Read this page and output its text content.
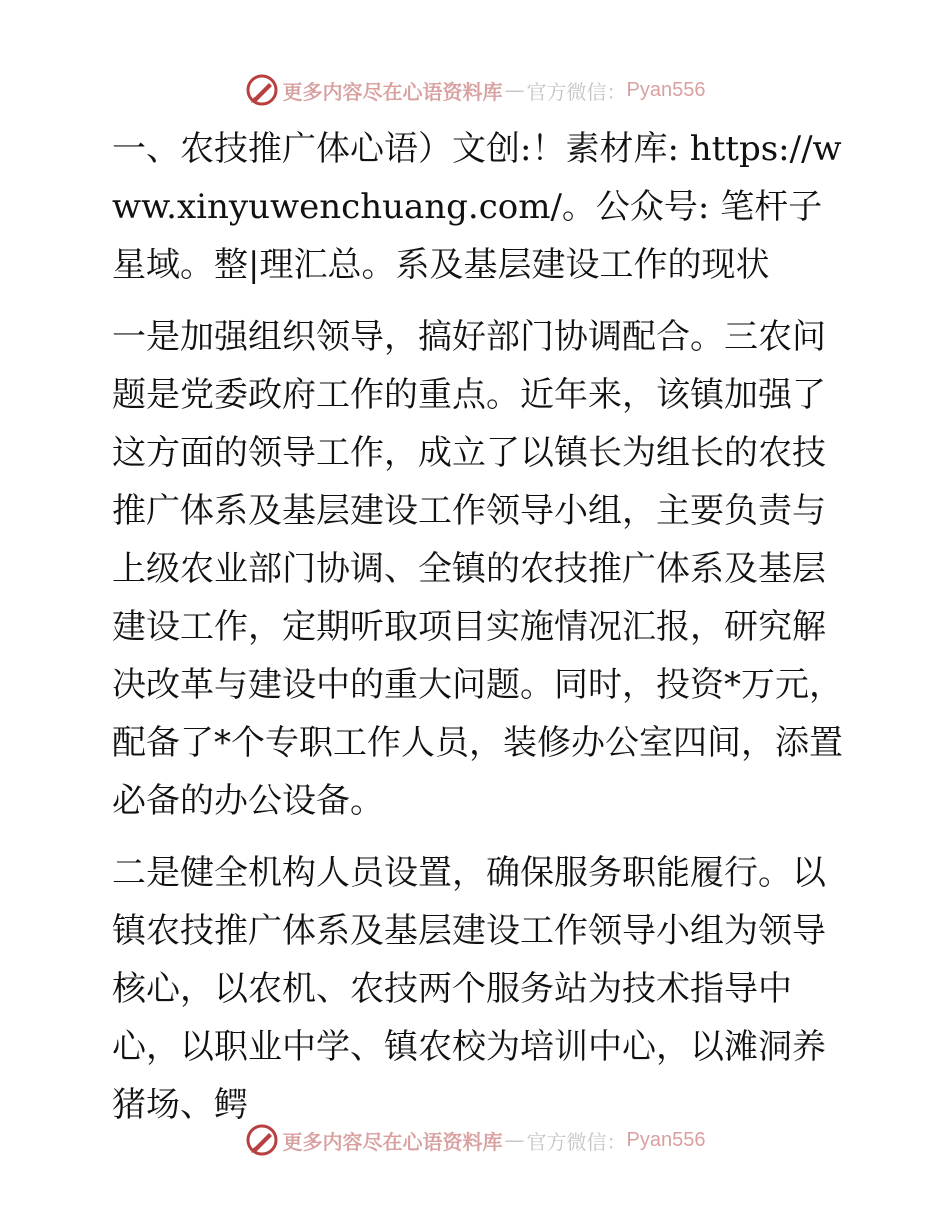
更多内容尽在心语资料库 — 官方微信： Pyan556

一、农技推广体心语）文创:！素材库: https://www.xinyuwenchuang.com/。公众号: 笔杆子星域。整|理汇总。系及基层建设工作的现状

一是加强组织领导，搞好部门协调配合。三农问题是党委政府工作的重点。近年来，该镇加强了这方面的领导工作，成立了以镇长为组长的农技推广体系及基层建设工作领导小组，主要负责与上级农业部门协调、全镇的农技推广体系及基层建设工作，定期听取项目实施情况汇报，研究解决改革与建设中的重大问题。同时，投资*万元，配备了*个专职工作人员，装修办公室四间，添置必备的办公设备。

二是健全机构人员设置，确保服务职能履行。以镇农技推广体系及基层建设工作领导小组为领导核心，以农机、农技两个服务站为技术指导中心，以职业中学、镇农校为培训中心，以滩洞养猪场、鳄

更多内容尽在心语资料库 — 官方微信： Pyan556
